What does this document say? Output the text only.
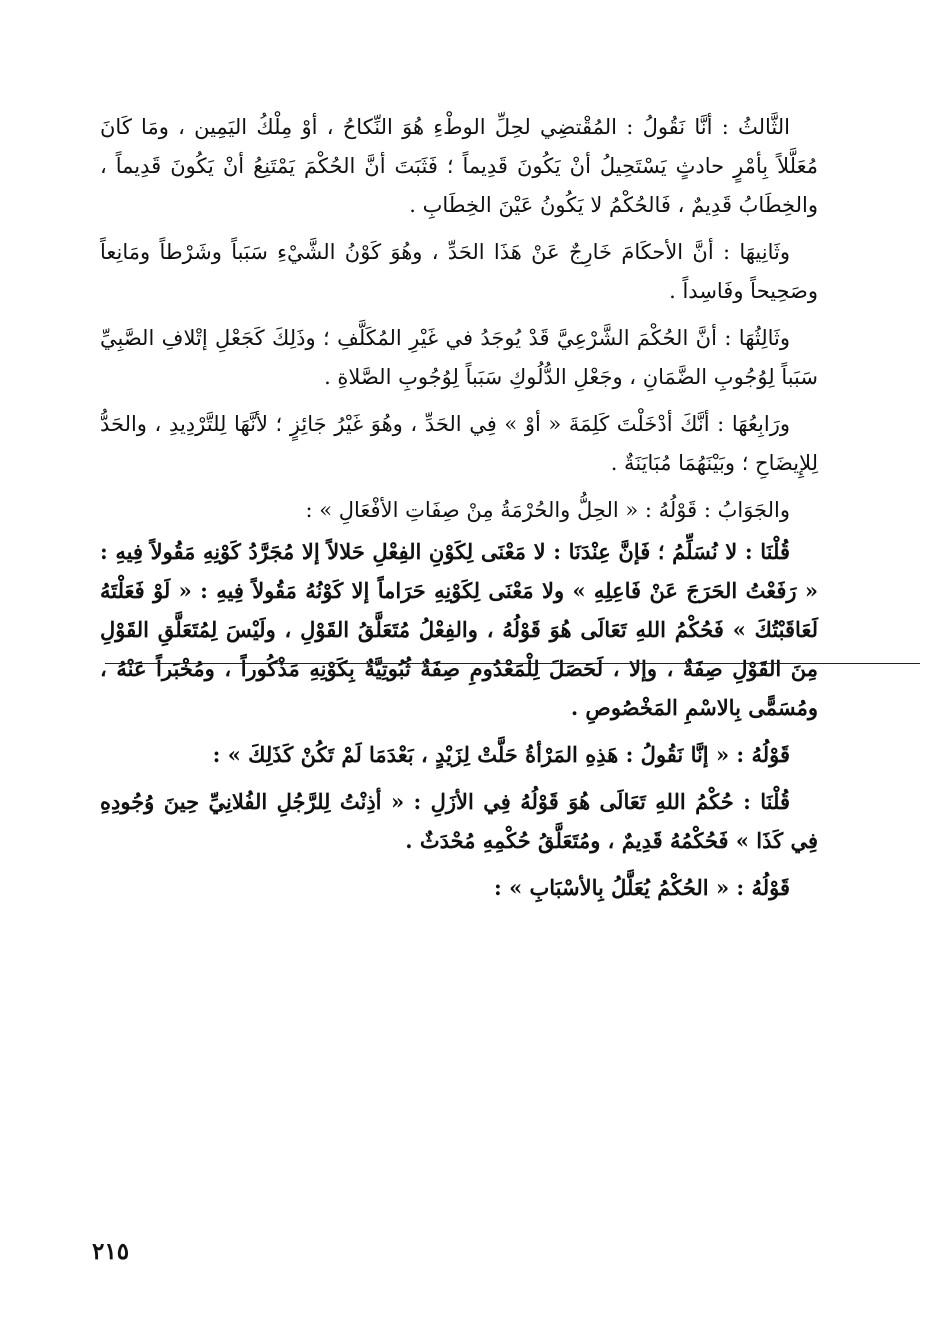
الثَّالثُ : أنَّا نَقُولُ : المُقْتضِي لحِلِّ الوطْءِ هُوَ النِّكاحُ ، أوْ مِلْكُ اليَمِين ، ومَا كَانَ مُعَلَّلاً بِأمْرٍ حادثٍ يَسْتَحِيلُ أنْ يَكُونَ قَدِيماً ؛ فَثَبَتَ أنَّ الحُكْمَ يَمْتَنِعُ أنْ يَكُونَ قَدِيماً ، والخِطَابُ قَدِيمٌ ، فَالحُكْمُ لا يَكُونُ عَيْنَ الخِطَابِ .

وثَانِيهَا : أنَّ الأحكَامَ خَارِجٌ عَنْ هَذَا الحَدِّ ، وهُوَ كَوْنُ الشَّيْءِ سَبَباً وشَرْطاً ومَانِعاً وصَحِيحاً وفَاسِداً .

وثَالِثُهَا : أنَّ الحُكْمَ الشَّرْعِيَّ قَدْ يُوجَدُ في غَيْرِ المُكَلَّفِ ؛ وذَلِكَ كَجَعْلِ إتْلافِ الصَّبِيِّ سَبَباً لِوُجُوبِ الضَّمَانِ ، وجَعْلِ الدُّلُوكِ سَبَباً لِوُجُوبِ الصَّلاةِ .

ورَابِعُهَا : أنَّكَ أدْخَلْتَ كَلِمَةَ « أوْ » فِي الحَدِّ ، وهُوَ غَيْرُ جَائِزٍ ؛ لأنَّهَا لِلتَّرْدِيدِ ، والحَدُّ لِلإِيضَاحِ ؛ وبَيْنَهُمَا مُبَايَنَةٌ .

والجَوَابُ : قَوْلُهُ : « الحِلُّ والحُرْمَةُ مِنْ صِفَاتِ الأفْعَالِ » :

قُلْنَا : لا نُسَلِّمُ ؛ فَإنَّ عِنْدَنَا : لا مَعْنَى لِكَوْنِ الفِعْلِ حَلالاً إلا مُجَرَّدُ كَوْنِهِ مَقُولاً فِيهِ : « رَفَعْتُ الحَرَجَ عَنْ فَاعِلِهِ » ولا مَعْنَى لِكَوْنِهِ حَرَاماً إلا كَوْنُهُ مَقُولاً فِيهِ : « لَوْ فَعَلْتَهُ لَعَاقَبْتُكَ » فَحُكْمُ اللهِ تَعَالَى هُوَ قَوْلُهُ ، والفِعْلُ مُتَعَلَّقُ القَوْلِ ، ولَيْسَ لِمُتَعَلَّقِ القَوْلِ مِنَ القَوْلِ صِفَةٌ ، وإلا ، لَحَصَلَ لِلْمَعْدُومِ صِفَةٌ ثُبُوتِيَّةٌ بِكَوْنِهِ مَذْكُوراً ، ومُخْبَراً عَنْهُ ، ومُسَمًّى بِالاسْمِ المَخْصُوصِ .

قَوْلُهُ : « إنَّا نَقُولُ : هَذِهِ المَرْأةُ حَلَّتْ لِزَيْدٍ ، بَعْدَمَا لَمْ تَكُنْ كَذَلِكَ » :

قُلْنَا : حُكْمُ اللهِ تَعَالَى هُوَ قَوْلُهُ فِي الأزَلِ : « أذِنْتُ لِلرَّجُلِ الفُلانِيِّ حِينَ وُجُودِهِ فِي كَذَا » فَحُكْمُهُ قَدِيمٌ ، ومُتَعَلَّقُ حُكْمِهِ مُحْدَثٌ .

قَوْلُهُ : « الحُكْمُ يُعَلَّلُ بِالأسْبَابِ » :

٢١٥
